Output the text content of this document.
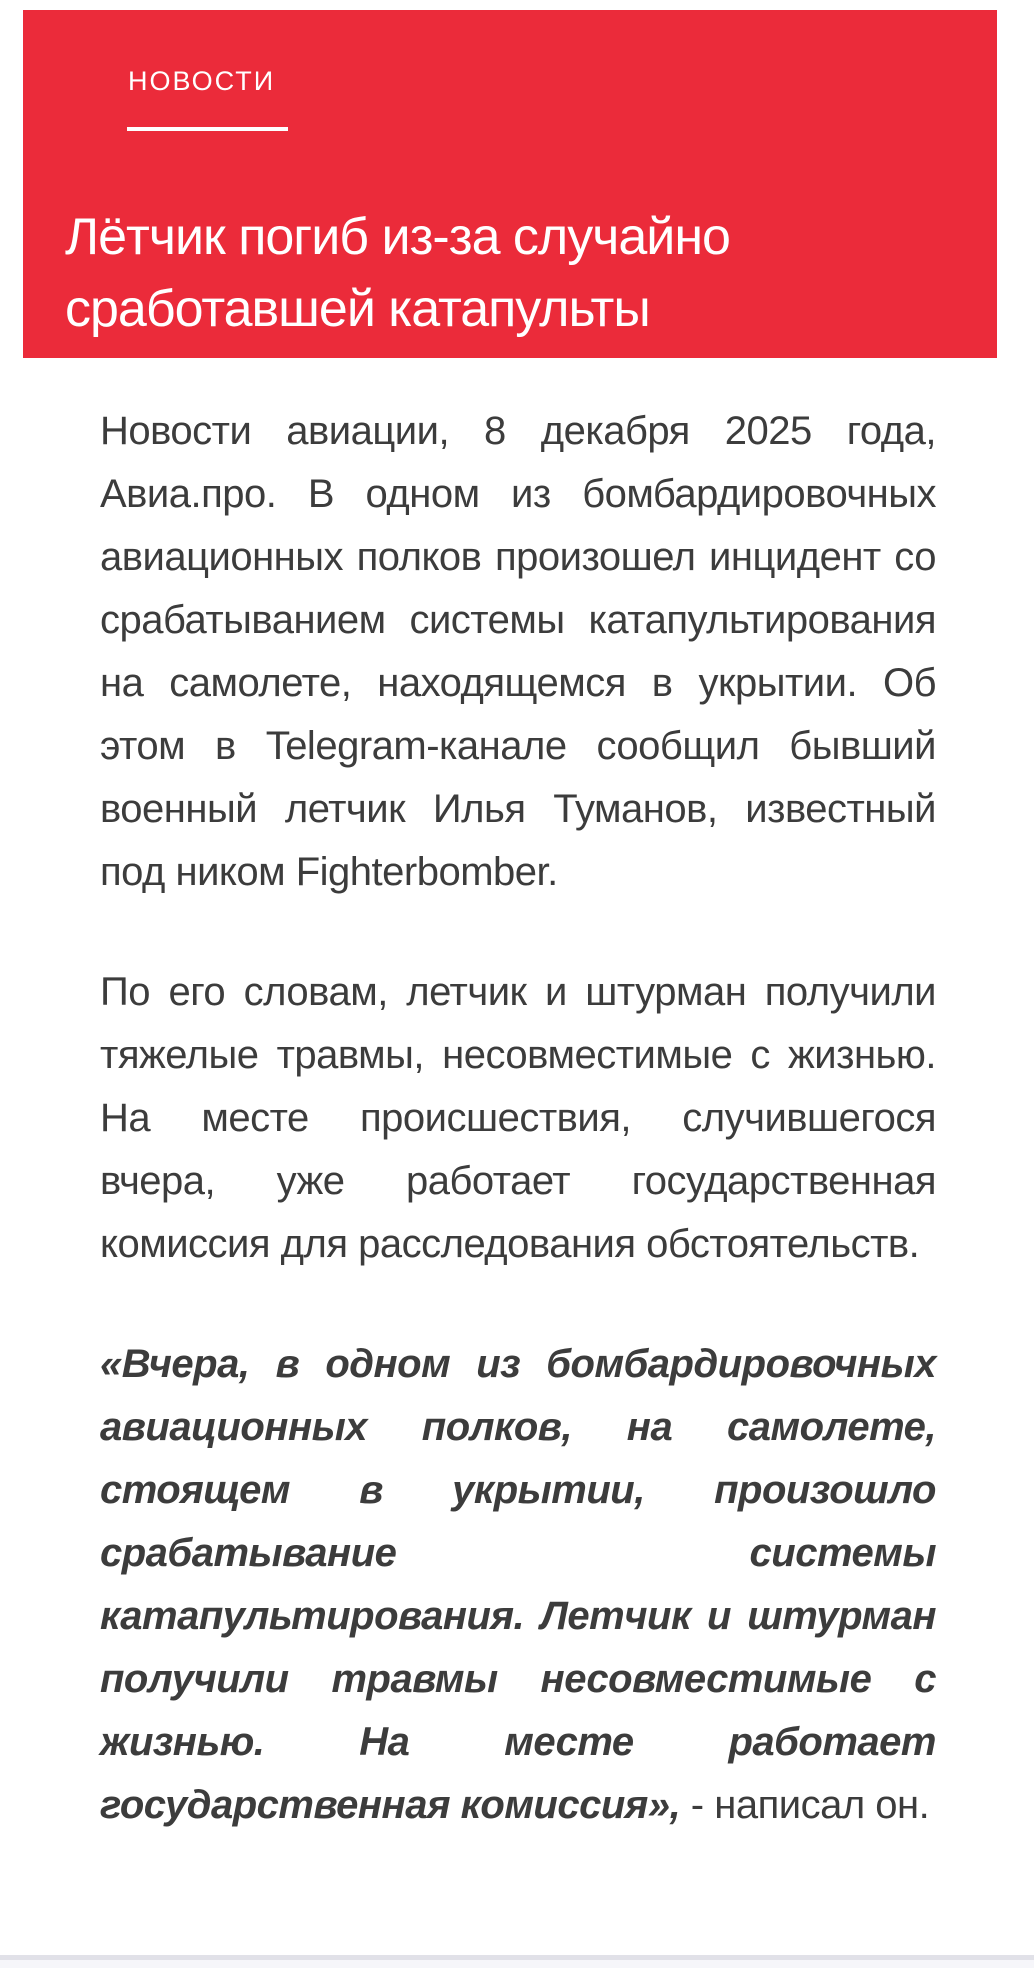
НОВОСТИ
Лётчик погиб из-за случайно сработавшей катапульты

Новости авиации, 8 декабря 2025 года, Авиа.про. В одном из бомбардировочных авиационных полков произошел инцидент со срабатыванием системы катапультирования на самолете, находящемся в укрытии. Об этом в Telegram-канале сообщил бывший военный летчик Илья Туманов, известный под ником Fighterbomber.

По его словам, летчик и штурман получили тяжелые травмы, несовместимые с жизнью. На месте происшествия, случившегося вчера, уже работает государственная комиссия для расследования обстоятельств.

«Вчера, в одном из бомбардировочных авиационных полков, на самолете, стоящем в укрытии, произошло срабатывание системы катапультирования. Летчик и штурман получили травмы несовместимые с жизнью. На месте работает государственная комиссия», - написал он.
